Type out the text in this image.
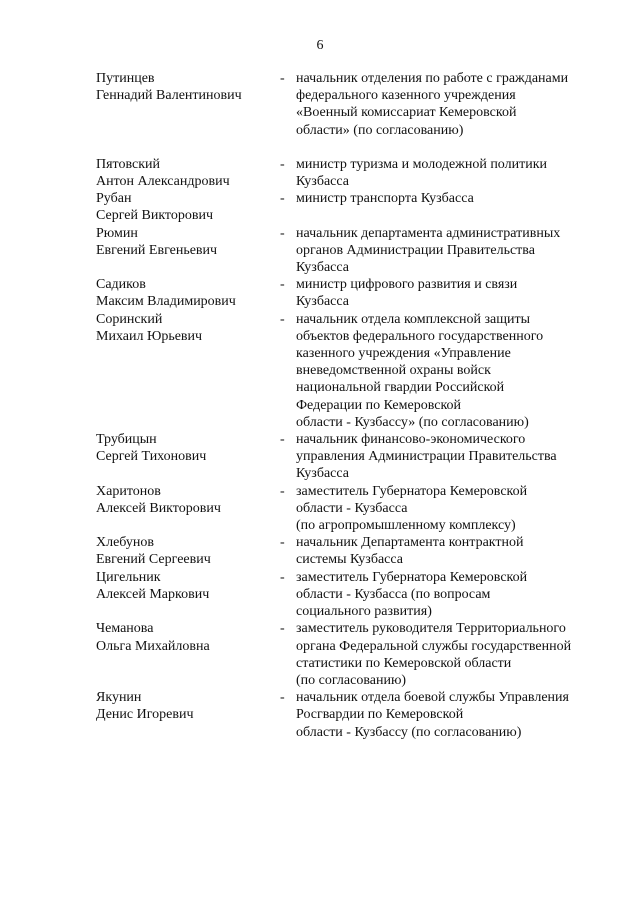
6
Путинцев
Геннадий Валентинович
- начальник отделения по работе с гражданами
федерального казенного учреждения
«Военный комиссариат Кемеровской
области» (по согласованию)
Пятовский
Антон Александрович
- министр туризма и молодежной политики
Кузбасса
Рубан
Сергей Викторович
- министр транспорта Кузбасса
Рюмин
Евгений Евгеньевич
- начальник департамента административных
органов Администрации Правительства
Кузбасса
Садиков
Максим Владимирович
- министр цифрового развития и связи
Кузбасса
Соринский
Михаил Юрьевич
- начальник отдела комплексной защиты
объектов федерального государственного
казенного учреждения «Управление
вневедомственной охраны войск
национальной гвардии Российской
Федерации по Кемеровской
области - Кузбассу» (по согласованию)
Трубицын
Сергей Тихонович
- начальник финансово-экономического
управления Администрации Правительства
Кузбасса
Харитонов
Алексей Викторович
- заместитель Губернатора Кемеровской
области - Кузбасса
(по агропромышленному комплексу)
Хлебунов
Евгений Сергеевич
- начальник Департамента контрактной
системы Кузбасса
Цигельник
Алексей Маркович
- заместитель Губернатора Кемеровской
области - Кузбасса (по вопросам
социального развития)
Чеманова
Ольга Михайловна
- заместитель руководителя Территориального
органа Федеральной службы государственной
статистики по Кемеровской области
(по согласованию)
Якунин
Денис Игоревич
- начальник отдела боевой службы Управления
Росгвардии по Кемеровской
области - Кузбассу (по согласованию)
